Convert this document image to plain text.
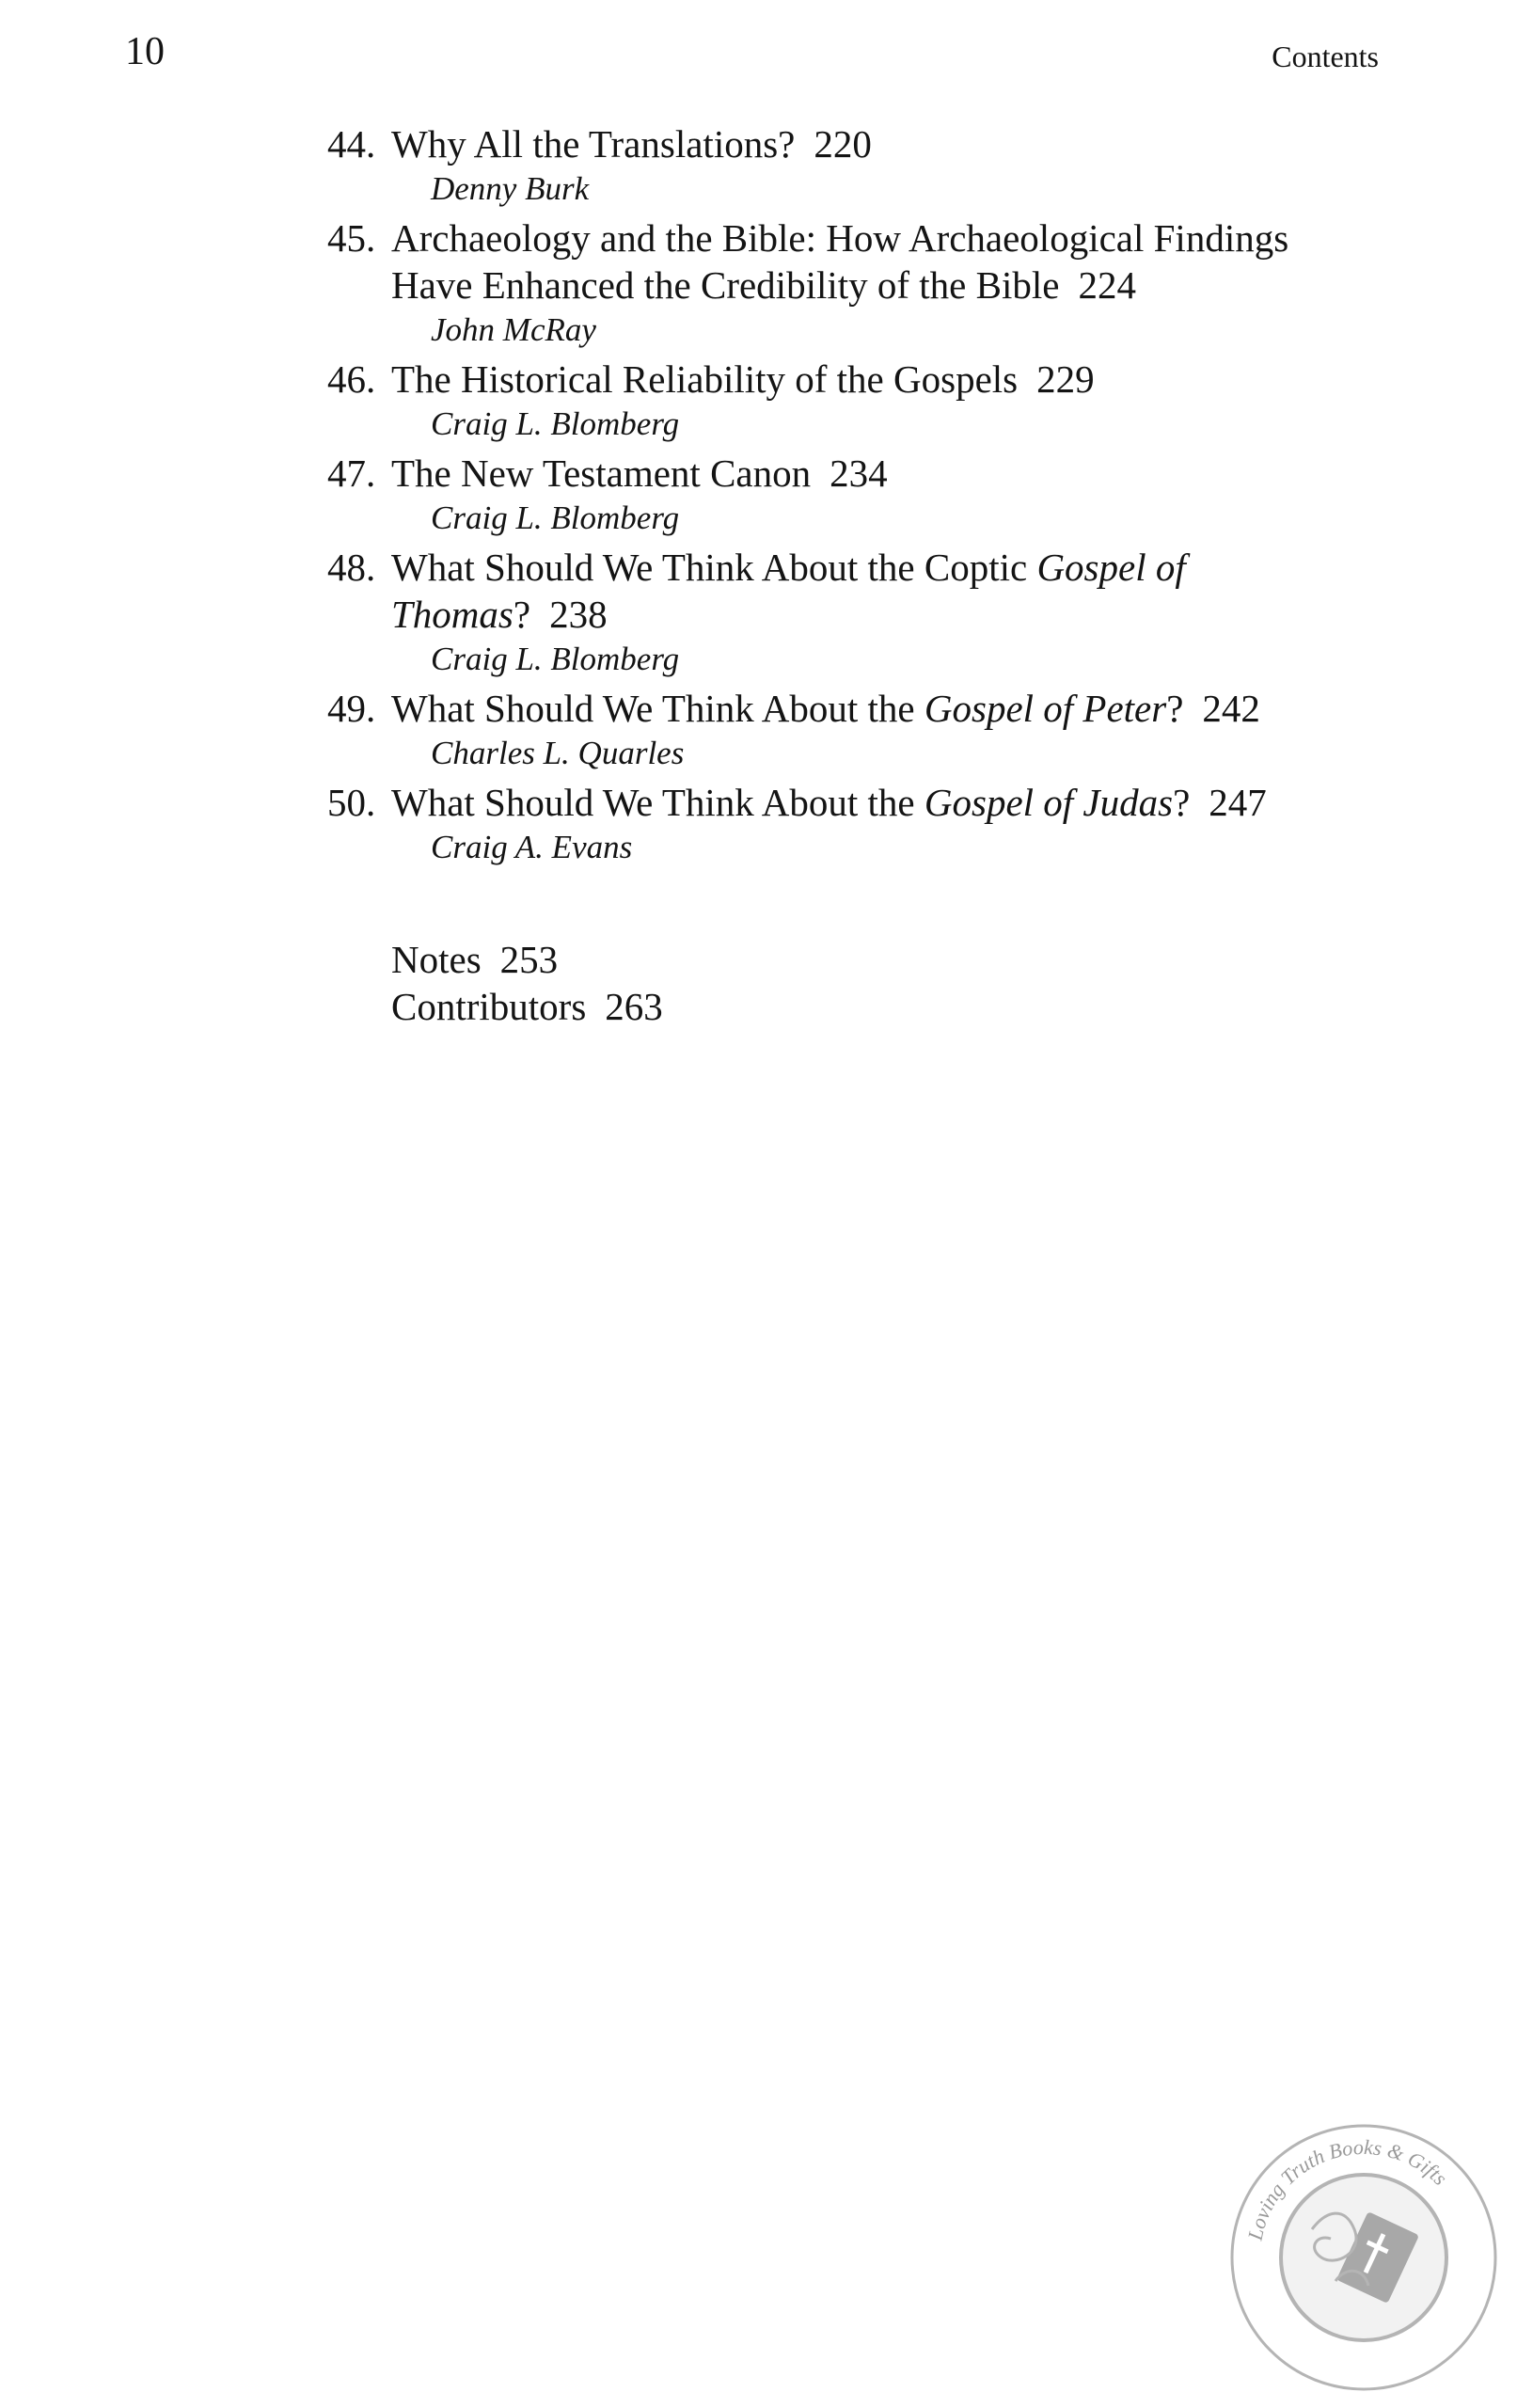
10	Contents
44. Why All the Translations? 220
Denny Burk
45. Archaeology and the Bible: How Archaeological Findings
Have Enhanced the Credibility of the Bible 224
John McRay
46. The Historical Reliability of the Gospels 229
Craig L. Blomberg
47. The New Testament Canon 234
Craig L. Blomberg
48. What Should We Think About the Coptic Gospel of
Thomas? 238
Craig L. Blomberg
49. What Should We Think About the Gospel of Peter? 242
Charles L. Quarles
50. What Should We Think About the Gospel of Judas? 247
Craig A. Evans
Notes 253
Contributors 263
Loving Truth Books & Gifts
